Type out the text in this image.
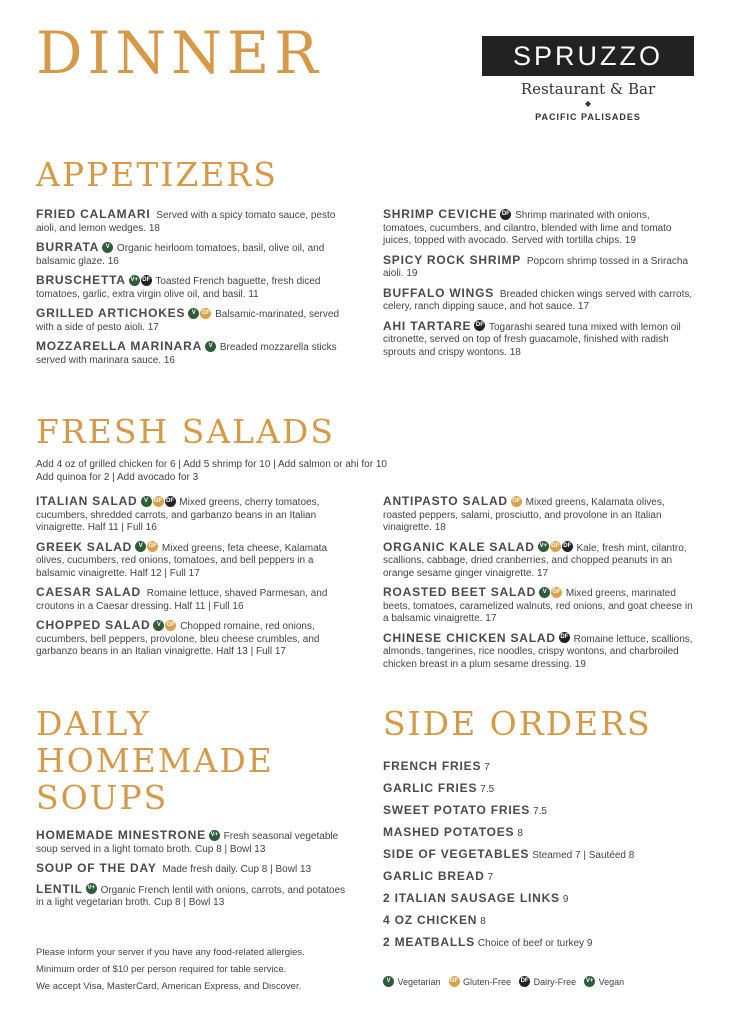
DINNER	SPRUZZO
Restaurant & Bar
◆
PACIFIC PALISADES
APPETIZERS
FRIED CALAMARI Served with a spicy tomato sauce, pesto aioli, and lemon wedges. 18
BURRATA V Organic heirloom tomatoes, basil, olive oil, and balsamic glaze. 16
BRUSCHETTA V+ DF Toasted French baguette, fresh diced tomatoes, garlic, extra virgin olive oil, and basil. 11
GRILLED ARTICHOKES V GF Balsamic-marinated, served with a side of pesto aioli. 17
MOZZARELLA MARINARA V Breaded mozzarella sticks served with marinara sauce. 16
SHRIMP CEVICHE DF Shrimp marinated with onions, tomatoes, cucumbers, and cilantro, blended with lime and tomato juices, topped with avocado. Served with tortilla chips. 19
SPICY ROCK SHRIMP Popcorn shrimp tossed in a Sriracha aioli. 19
BUFFALO WINGS Breaded chicken wings served with carrots, celery, ranch dipping sauce, and hot sauce. 17
AHI TARTARE DF Togarashi seared tuna mixed with lemon oil citronette, served on top of fresh guacamole, finished with radish sprouts and crispy wontons. 18
FRESH SALADS
Add 4 oz of grilled chicken for 6 | Add 5 shrimp for 10 | Add salmon or ahi for 10
Add quinoa for 2 | Add avocado for 3
ITALIAN SALAD V GF DF Mixed greens, cherry tomatoes, cucumbers, shredded carrots, and garbanzo beans in an Italian vinaigrette. Half 11 | Full 16
GREEK SALAD V GF Mixed greens, feta cheese, Kalamata olives, cucumbers, red onions, tomatoes, and bell peppers in a balsamic vinaigrette. Half 12 | Full 17
CAESAR SALAD Romaine lettuce, shaved Parmesan, and croutons in a Caesar dressing. Half 11 | Full 16
CHOPPED SALAD V GF Chopped romaine, red onions, cucumbers, bell peppers, provolone, bleu cheese crumbles, and garbanzo beans in an Italian vinaigrette. Half 13 | Full 17
ANTIPASTO SALAD GF Mixed greens, Kalamata olives, roasted peppers, salami, prosciutto, and provolone in an Italian vinaigrette. 18
ORGANIC KALE SALAD V+ GF DF Kale, fresh mint, cilantro, scallions, cabbage, dried cranberries, and chopped peanuts in an orange sesame ginger vinaigrette. 17
ROASTED BEET SALAD V GF Mixed greens, marinated beets, tomatoes, caramelized walnuts, red onions, and goat cheese in a balsamic vinaigrette. 17
CHINESE CHICKEN SALAD DF Romaine lettuce, scallions, almonds, tangerines, rice noodles, crispy wontons, and charbroiled chicken breast in a plum sesame dressing. 19
DAILY
HOMEMADE
SOUPS
HOMEMADE MINESTRONE V+ Fresh seasonal vegetable soup served in a light tomato broth. Cup 8 | Bowl 13
SOUP OF THE DAY Made fresh daily. Cup 8 | Bowl 13
LENTIL V+ Organic French lentil with onions, carrots, and potatoes in a light vegetarian broth. Cup 8 | Bowl 13
SIDE ORDERS
FRENCH FRIES 7
GARLIC FRIES 7.5
SWEET POTATO FRIES 7.5
MASHED POTATOES 8
SIDE OF VEGETABLES Steamed 7 | Sautéed 8
GARLIC BREAD 7
2 ITALIAN SAUSAGE LINKS 9
4 OZ CHICKEN 8
2 MEATBALLS Choice of beef or turkey 9
Please inform your server if you have any food-related allergies.
Minimum order of $10 per person required for table service.
We accept Visa, MasterCard, American Express, and Discover.	V Vegetarian GF Gluten-Free DF Dairy-Free V+ Vegan
